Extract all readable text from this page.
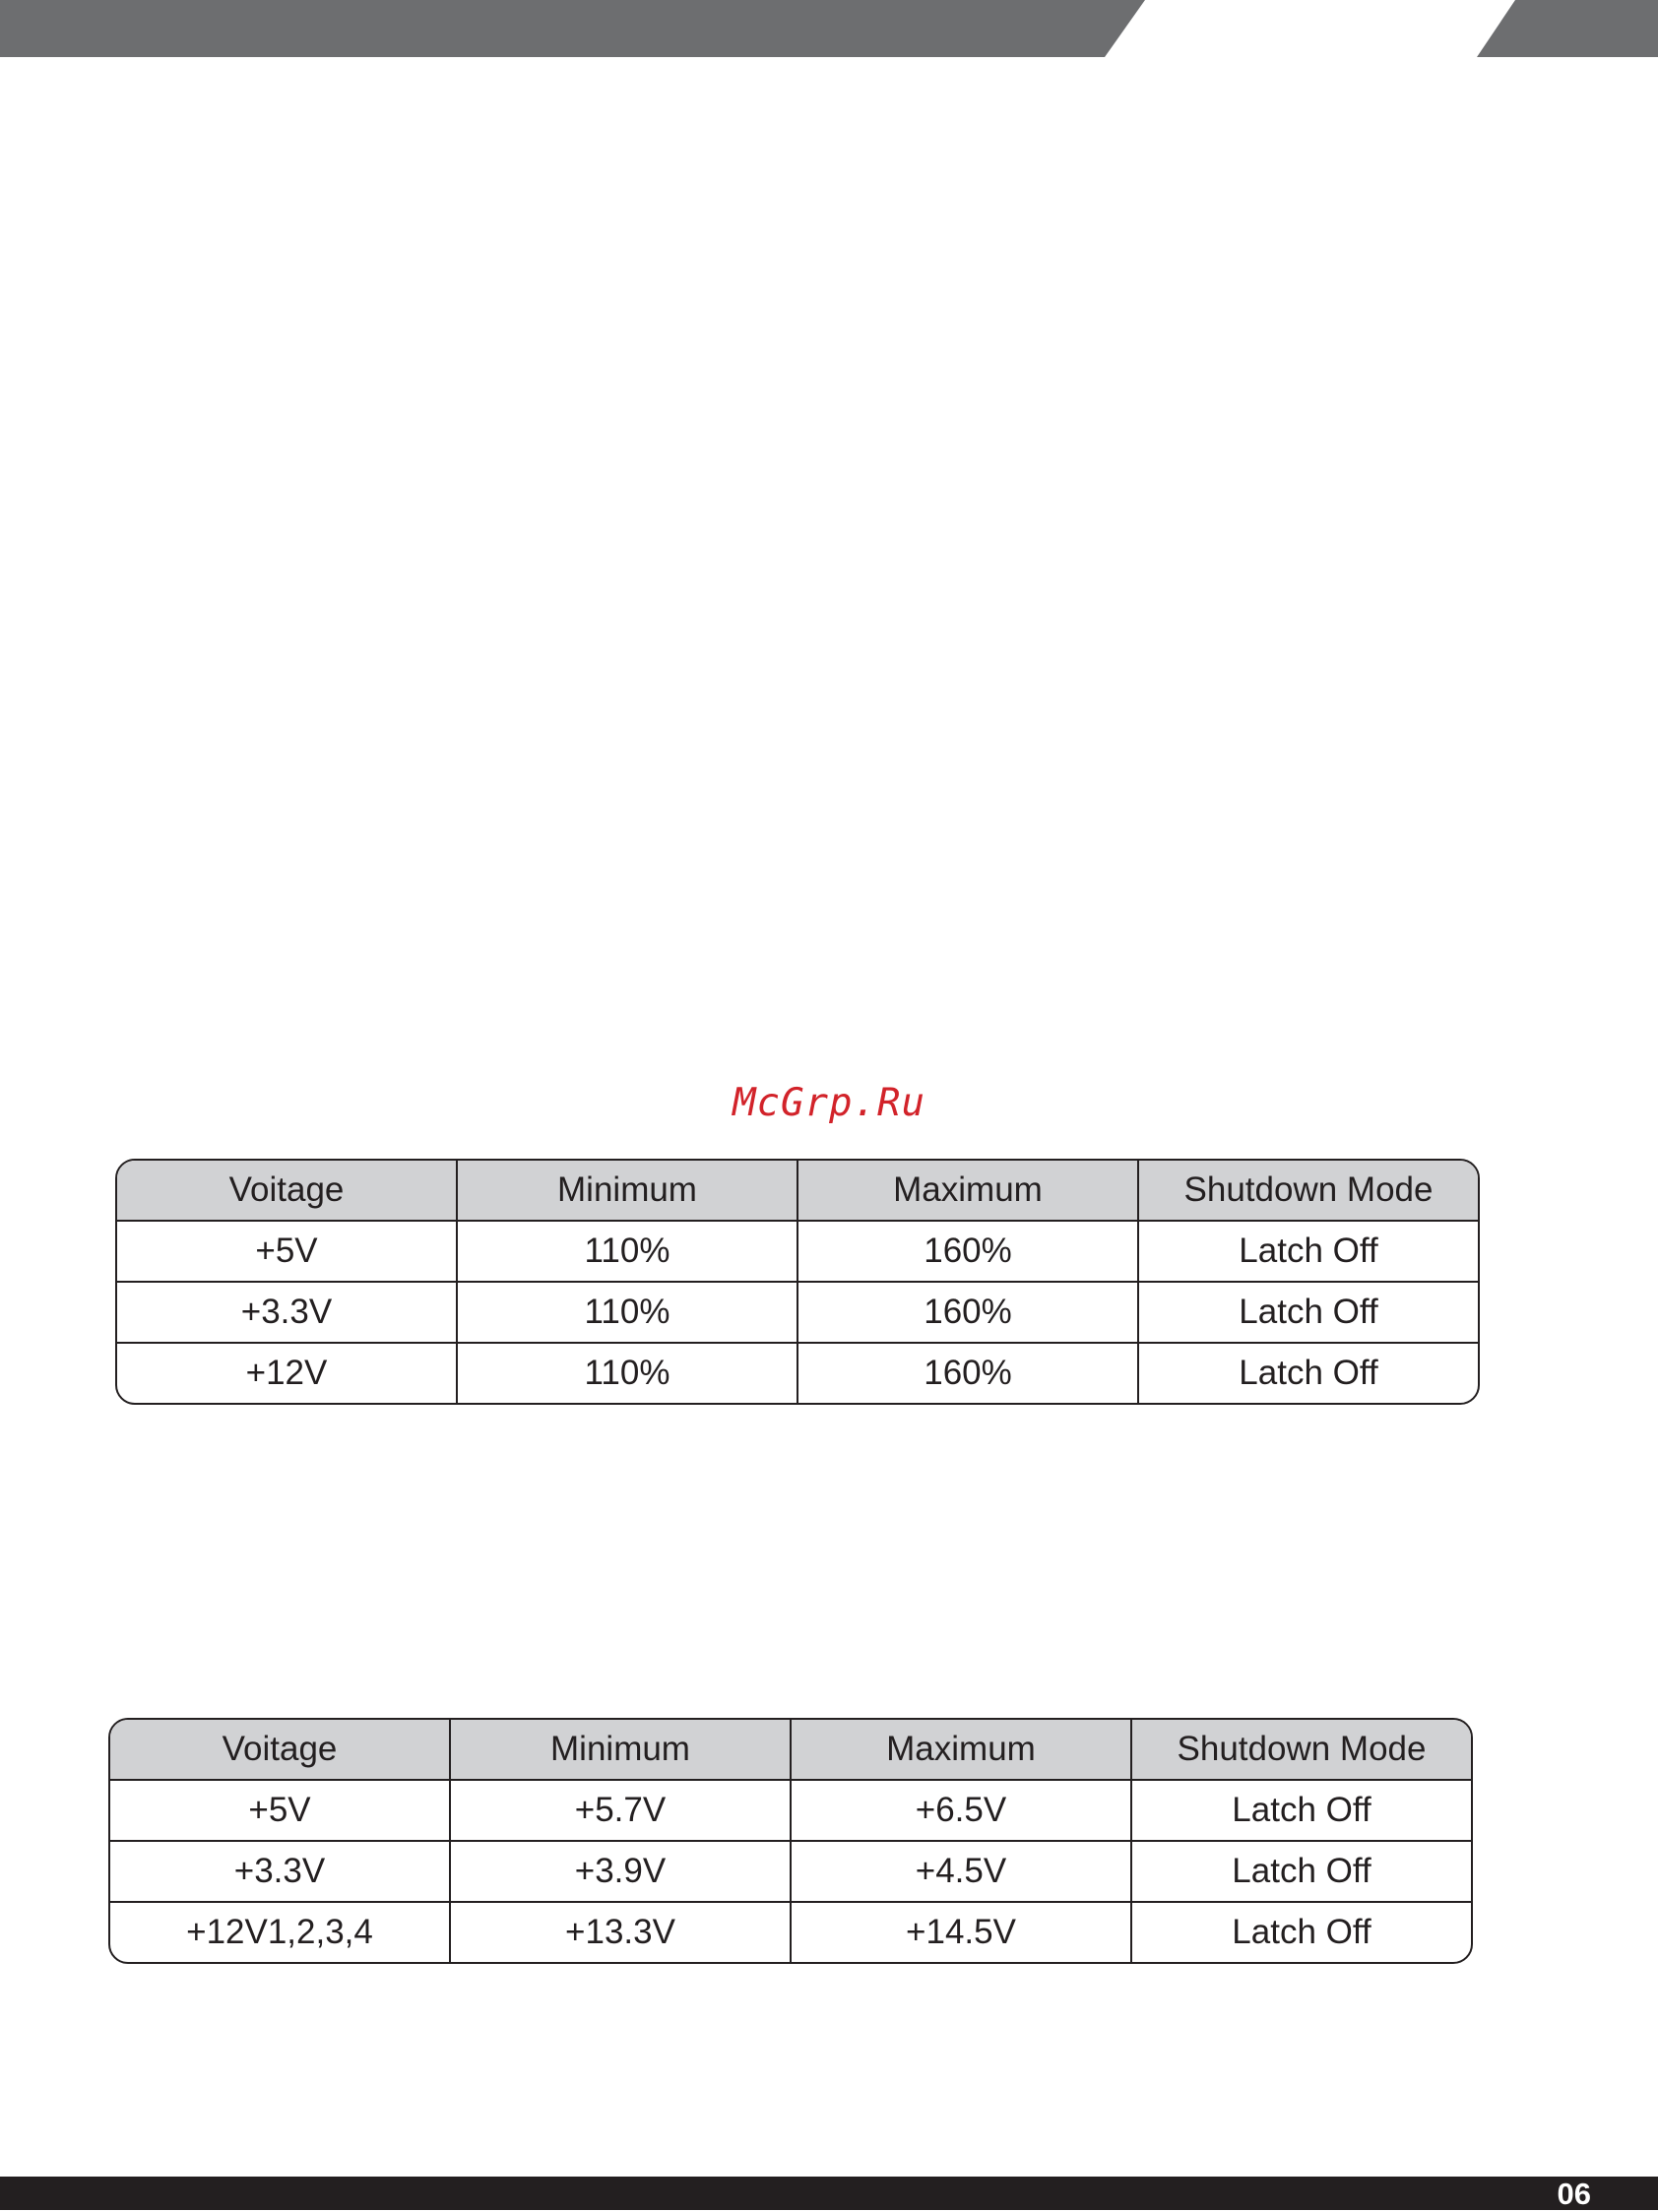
McGrp.Ru
Voitage	Minimum	Maximum	Shutdown Mode
+5V	110%	160%	Latch Off
+3.3V	110%	160%	Latch Off
+12V	110%	160%	Latch Off
Voitage	Minimum	Maximum	Shutdown Mode
+5V	+5.7V	+6.5V	Latch Off
+3.3V	+3.9V	+4.5V	Latch Off
+12V1,2,3,4	+13.3V	+14.5V	Latch Off
06
